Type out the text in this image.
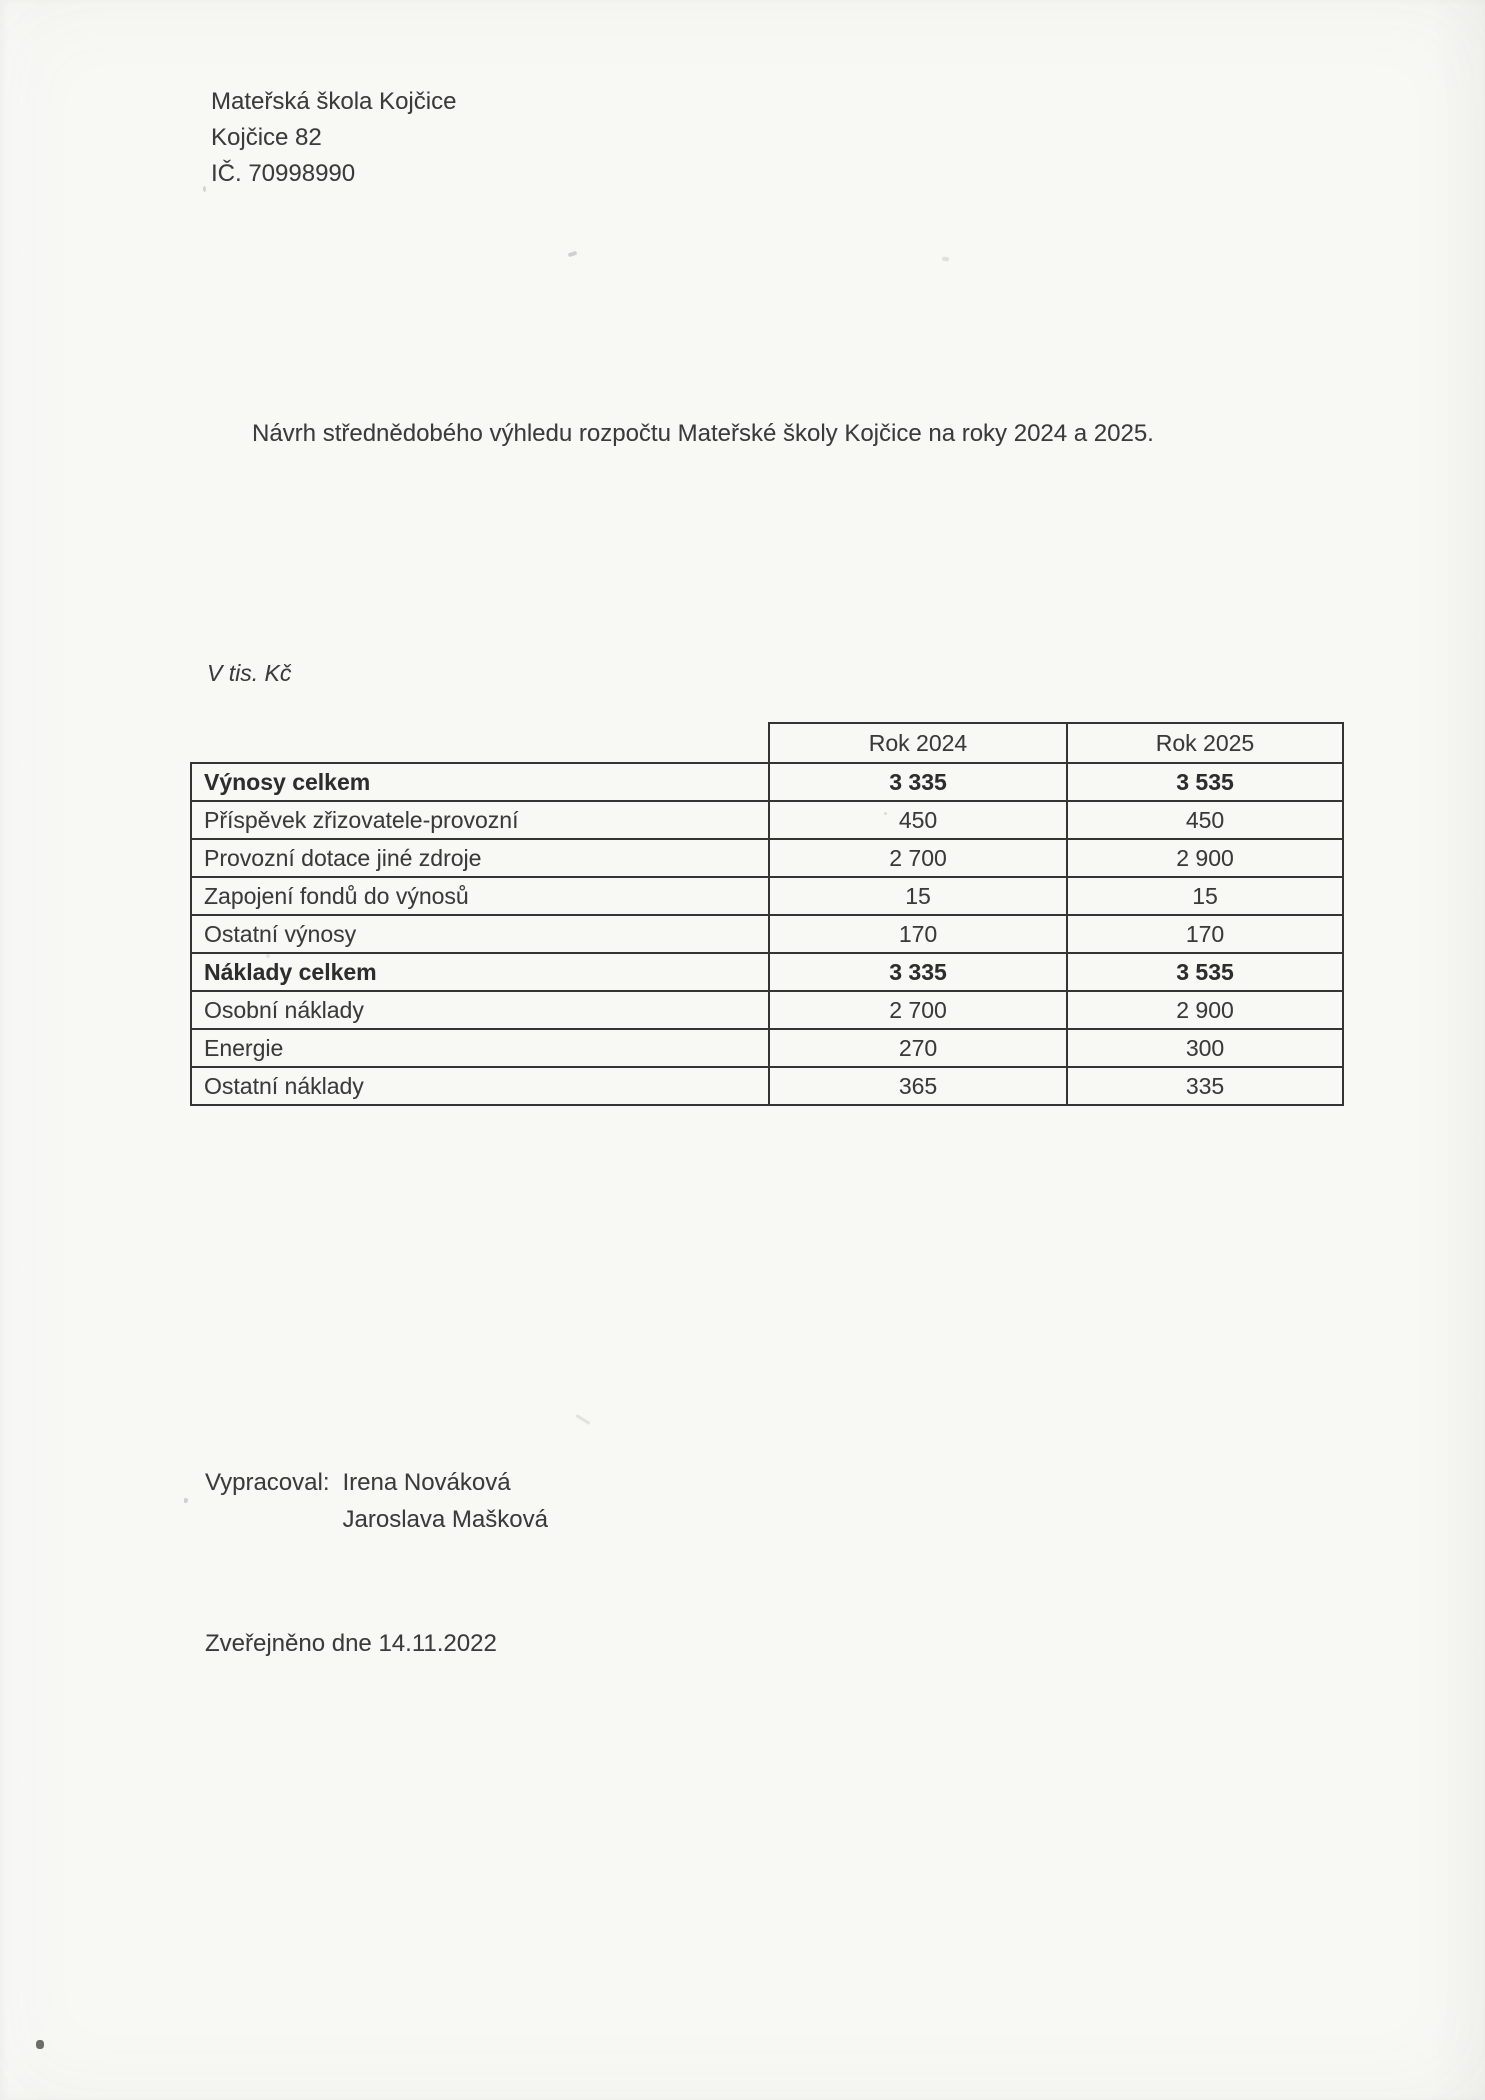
Mateřská škola Kojčice
Kojčice 82
IČ. 70998990
Návrh střednědobého výhledu rozpočtu Mateřské školy Kojčice na roky 2024 a 2025.
V tis. Kč
	Rok 2024	Rok 2025
Výnosy celkem	3 335	3 535
Příspěvek zřizovatele-provozní	450	450
Provozní dotace jiné zdroje	2 700	2 900
Zapojení fondů do výnosů	15	15
Ostatní výnosy	170	170
Náklady celkem	3 335	3 535
Osobní náklady	2 700	2 900
Energie	270	300
Ostatní náklady	365	335
Vypracoval: Irena Nováková
Jaroslava Mašková
Zveřejněno dne 14.11.2022
